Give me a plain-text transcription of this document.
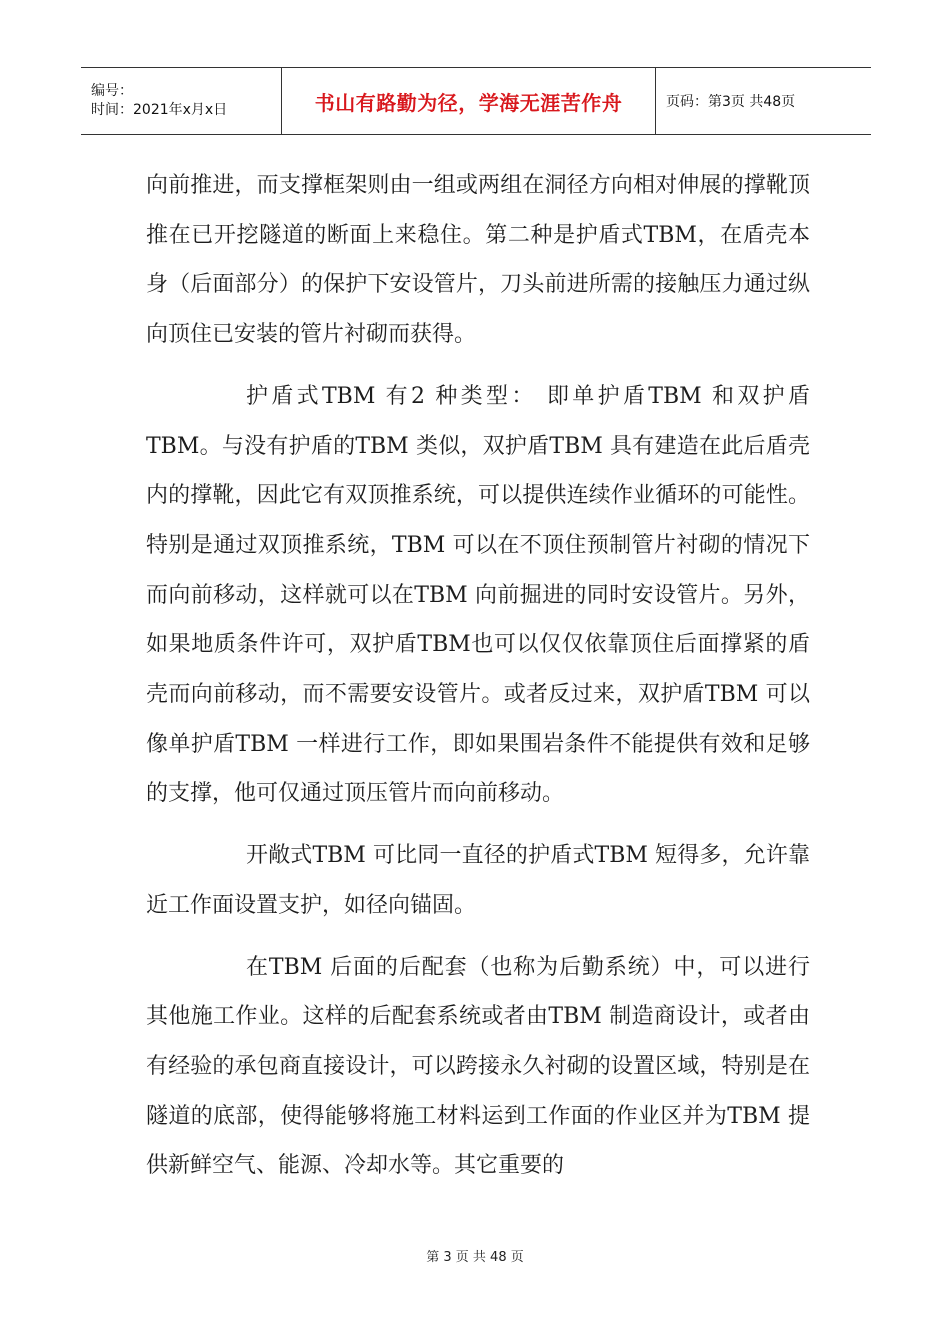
编号：
时间：2021年x月x日	书山有路勤为径，学海无涯苦作舟	页码：第3页 共48页

向前推进，而支撑框架则由一组或两组在洞径方向相对伸展的撑靴顶推在已开挖隧道的断面上来稳住。第二种是护盾式TBM，在盾壳本身（后面部分）的保护下安设管片，刀头前进所需的接触压力通过纵向顶住已安装的管片衬砌而获得。

护盾式TBM 有2 种类型： 即单护盾TBM 和双护盾TBM。与没有护盾的TBM 类似，双护盾TBM 具有建造在此后盾壳内的撑靴，因此它有双顶推系统，可以提供连续作业循环的可能性。特别是通过双顶推系统，TBM 可以在不顶住预制管片衬砌的情况下而向前移动，这样就可以在TBM 向前掘进的同时安设管片。另外，如果地质条件许可，双护盾TBM也可以仅仅依靠顶住后面撑紧的盾壳而向前移动，而不需要安设管片。或者反过来，双护盾TBM 可以像单护盾TBM 一样进行工作，即如果围岩条件不能提供有效和足够的支撑，他可仅通过顶压管片而向前移动。

开敞式TBM 可比同一直径的护盾式TBM 短得多，允许靠近工作面设置支护，如径向锚固。

在TBM 后面的后配套（也称为后勤系统）中，可以进行其他施工作业。这样的后配套系统或者由TBM 制造商设计，或者由有经验的承包商直接设计，可以跨接永久衬砌的设置区域，特别是在隧道的底部，使得能够将施工材料运到工作面的作业区并为TBM 提供新鲜空气、能源、冷却水等。其它重要的

第 3 页 共 48 页
